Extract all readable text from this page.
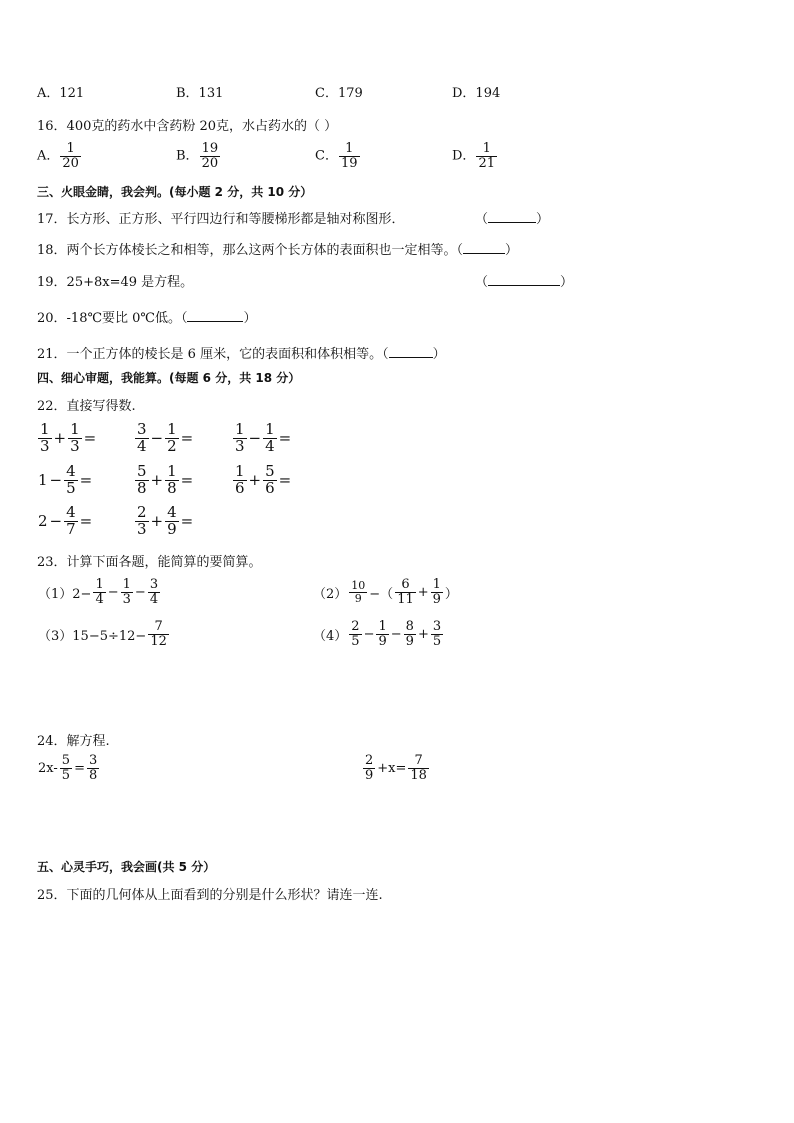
A．121	B．131	C．179	D．194
16．400克的药水中含药粉 20克，水占药水的（ ）
A． $\frac{1}{20}$	B． $\frac{19}{20}$	C． $\frac{1}{19}$	D． $\frac{1}{21}$
三、火眼金睛，我会判。(每小题 2 分，共 10 分）
17．长方形、正方形、平行四边行和等腰梯形都是轴对称图形．	（	）
18．两个长方体棱长之和相等，那么这两个长方体的表面积也一定相等。（	）
19．25+8x=49 是方程。	（	）
20．-18℃要比 0℃低。（	）
21．一个正方体的棱长是 6 厘米，它的表面积和体积相等。（	）
四、细心审题，我能算。(每题 6 分，共 18 分）
22．直接写得数.
$\frac{1}{3} + \frac{1}{3}$ =	$\frac{3}{4} - \frac{1}{2}$ =	$\frac{1}{3} - \frac{1}{4}$ =
$1 - \frac{4}{5}$ =	$\frac{5}{8} + \frac{1}{8}$ =	$\frac{1}{6} + \frac{5}{6}$ =
$2 - \frac{4}{7}$ =	$\frac{2}{3} + \frac{4}{9}$ =
23．计算下面各题，能简算的要简算。
$(1)2- \frac{1}{4} - \frac{1}{3} - \frac{3}{4}$	$(2) \frac{10}{9}$ −（ $\frac{6}{11} + \frac{1}{9}$ ）
$(3)15-5\div 12- \frac{7}{12}$	$(4) \frac{2}{5} - \frac{1}{9} - \frac{8}{9} + \frac{3}{5}$
24．解方程.
$2x- \frac{5}{5} = \frac{3}{8}$	$\frac{2}{9} +x= \frac{7}{18}$
五、心灵手巧，我会画(共 5 分）
25．下面的几何体从上面看到的分别是什么形状？请连一连.
